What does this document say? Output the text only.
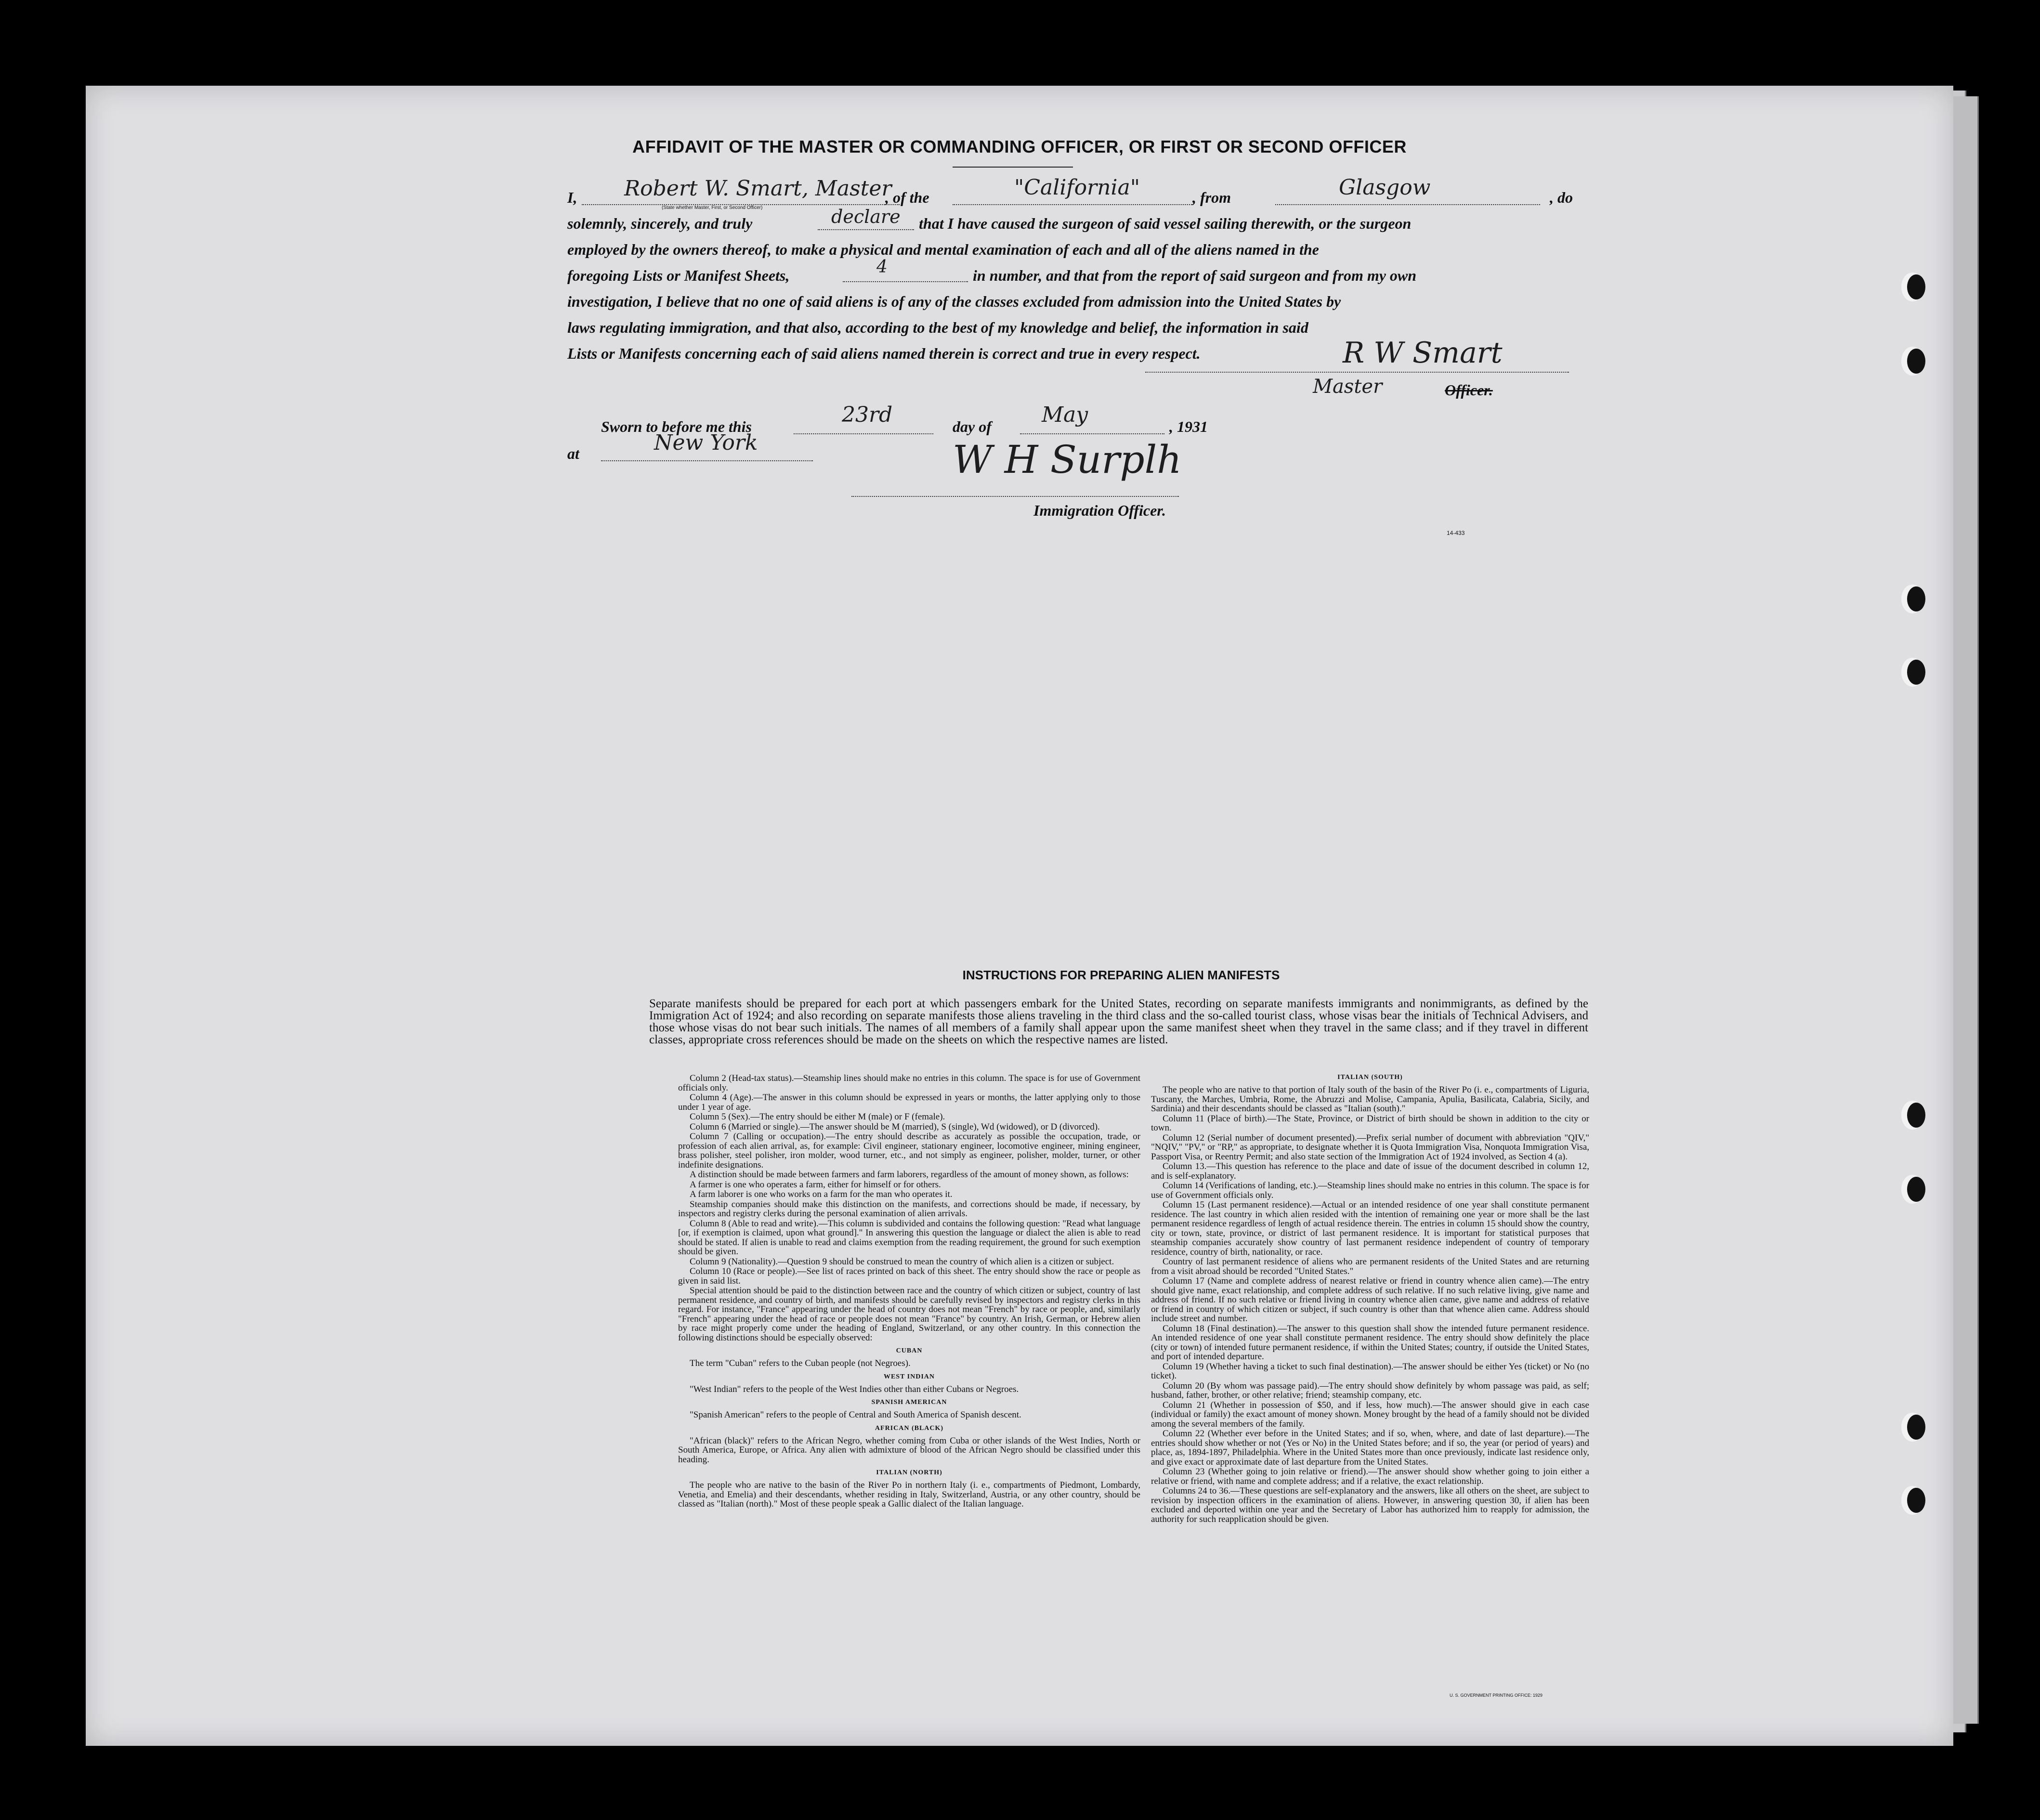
AFFIDAVIT OF THE MASTER OR COMMANDING OFFICER, OR FIRST OR SECOND OFFICER
I, Robert W. Smart, Master
(State whether Master, First, or Second Officer)
, of the	"California"	, from	Glasgow	, do
solemnly, sincerely, and truly	declare that I have caused the surgeon of said vessel sailing therewith, or the surgeon
employed by the owners thereof, to make a physical and mental examination of each and all of the aliens named in the
foregoing Lists or Manifest Sheets,	4	in number, and that from the report of said surgeon and from my own
investigation, I believe that no one of said aliens is of any of the classes excluded from admission into the United States by
laws regulating immigration, and that also, according to the best of my knowledge and belief, the information in said
Lists or Manifests concerning each of said aliens named therein is correct and true in every respect.	R W Smart
Master	Officer.
Sworn to before me this	23rd	day of May	, 1931
at	New York	W H Surplh
Immigration Officer.
14-433
INSTRUCTIONS FOR PREPARING ALIEN MANIFESTS
Separate manifests should be prepared for each port at which passengers embark for the United States, recording on separate manifests immigrants and nonimmigrants, as defined by the Immigration Act of 1924; and also recording on separate manifests those aliens traveling in the third class and the so-called tourist class, whose visas bear the initials of Technical Advisers, and those whose visas do not bear such initials. The names of all members of a family shall appear upon the same manifest sheet when they travel in the same class; and if they travel in different classes, appropriate cross references should be made on the sheets on which the respective names are listed.

Column 2 (Head-tax status).—Steamship lines should make no entries in this column. The space is for use of Government officials only.

Column 4 (Age).—The answer in this column should be expressed in years or months, the latter applying only to those under 1 year of age.

Column 5 (Sex).—The entry should be either M (male) or F (female).

Column 6 (Married or single).—The answer should be M (married), S (single), Wd (widowed), or D (divorced).

Column 7 (Calling or occupation).—The entry should describe as accurately as possible the occupation, trade, or profession of each alien arrival, as, for example: Civil engineer, stationary engineer, locomotive engineer, mining engineer, brass polisher, steel polisher, iron molder, wood turner, etc., and not simply as engineer, polisher, molder, turner, or other indefinite designations.

A distinction should be made between farmers and farm laborers, regardless of the amount of money shown, as follows:

A farmer is one who operates a farm, either for himself or for others.

A farm laborer is one who works on a farm for the man who operates it.

Steamship companies should make this distinction on the manifests, and corrections should be made, if necessary, by inspectors and registry clerks during the personal examination of alien arrivals.

Column 8 (Able to read and write).—This column is subdivided and contains the following question: "Read what language [or, if exemption is claimed, upon what ground]." In answering this question the language or dialect the alien is able to read should be stated. If alien is unable to read and claims exemption from the reading requirement, the ground for such exemption should be given.

Column 9 (Nationality).—Question 9 should be construed to mean the country of which alien is a citizen or subject.

Column 10 (Race or people).—See list of races printed on back of this sheet. The entry should show the race or people as given in said list.

Special attention should be paid to the distinction between race and the country of which citizen or subject, country of last permanent residence, and country of birth, and manifests should be carefully revised by inspectors and registry clerks in this regard. For instance, "France" appearing under the head of country does not mean "French" by race or people, and, similarly "French" appearing under the head of race or people does not mean "France" by country. An Irish, German, or Hebrew alien by race might properly come under the heading of England, Switzerland, or any other country. In this connection the following distinctions should be especially observed:

CUBAN

The term "Cuban" refers to the Cuban people (not Negroes).

WEST INDIAN

"West Indian" refers to the people of the West Indies other than either Cubans or Negroes.

SPANISH AMERICAN

"Spanish American" refers to the people of Central and South America of Spanish descent.

AFRICAN (BLACK)

"African (black)" refers to the African Negro, whether coming from Cuba or other islands of the West Indies, North or South America, Europe, or Africa. Any alien with admixture of blood of the African Negro should be classified under this heading.

ITALIAN (NORTH)

The people who are native to the basin of the River Po in northern Italy (i. e., compartments of Piedmont, Lombardy, Venetia, and Emelia) and their descendants, whether residing in Italy, Switzerland, Austria, or any other country, should be classed as "Italian (north)." Most of these people speak a Gallic dialect of the Italian language.

ITALIAN (SOUTH)

The people who are native to that portion of Italy south of the basin of the River Po (i. e., compartments of Liguria, Tuscany, the Marches, Umbria, Rome, the Abruzzi and Molise, Campania, Apulia, Basilicata, Calabria, Sicily, and Sardinia) and their descendants should be classed as "Italian (south)."

Column 11 (Place of birth).—The State, Province, or District of birth should be shown in addition to the city or town.

Column 12 (Serial number of document presented).—Prefix serial number of document with abbreviation "QIV," "NQIV," "PV," or "RP," as appropriate, to designate whether it is Quota Immigration Visa, Nonquota Immigration Visa, Passport Visa, or Reentry Permit; and also state section of the Immigration Act of 1924 involved, as Section 4 (a).

Column 13.—This question has reference to the place and date of issue of the document described in column 12, and is self-explanatory.

Column 14 (Verifications of landing, etc.).—Steamship lines should make no entries in this column. The space is for use of Government officials only.

Column 15 (Last permanent residence).—Actual or an intended residence of one year shall constitute permanent residence. The last country in which alien resided with the intention of remaining one year or more shall be the last permanent residence regardless of length of actual residence therein. The entries in column 15 should show the country, city or town, state, province, or district of last permanent residence. It is important for statistical purposes that steamship companies accurately show country of last permanent residence independent of country of temporary residence, country of birth, nationality, or race.

Country of last permanent residence of aliens who are permanent residents of the United States and are returning from a visit abroad should be recorded "United States."

Column 17 (Name and complete address of nearest relative or friend in country whence alien came).—The entry should give name, exact relationship, and complete address of such relative. If no such relative living, give name and address of friend. If no such relative or friend living in country whence alien came, give name and address of relative or friend in country of which citizen or subject, if such country is other than that whence alien came. Address should include street and number.

Column 18 (Final destination).—The answer to this question shall show the intended future permanent residence. An intended residence of one year shall constitute permanent residence. The entry should show definitely the place (city or town) of intended future permanent residence, if within the United States; country, if outside the United States, and port of intended departure.

Column 19 (Whether having a ticket to such final destination).—The answer should be either Yes (ticket) or No (no ticket).

Column 20 (By whom was passage paid).—The entry should show definitely by whom passage was paid, as self; husband, father, brother, or other relative; friend; steamship company, etc.

Column 21 (Whether in possession of $50, and if less, how much).—The answer should give in each case (individual or family) the exact amount of money shown. Money brought by the head of a family should not be divided among the several members of the family.

Column 22 (Whether ever before in the United States; and if so, when, where, and date of last departure).—The entries should show whether or not (Yes or No) in the United States before; and if so, the year (or period of years) and place, as, 1894-1897, Philadelphia. Where in the United States more than once previously, indicate last residence only, and give exact or approximate date of last departure from the United States.

Column 23 (Whether going to join relative or friend).—The answer should show whether going to join either a relative or friend, with name and complete address; and if a relative, the exact relationship.

Columns 24 to 36.—These questions are self-explanatory and the answers, like all others on the sheet, are subject to revision by inspection officers in the examination of aliens. However, in answering question 30, if alien has been excluded and deported within one year and the Secretary of Labor has authorized him to reapply for admission, the authority for such reapplication should be given.

U. S. GOVERNMENT PRINTING OFFICE: 1929
